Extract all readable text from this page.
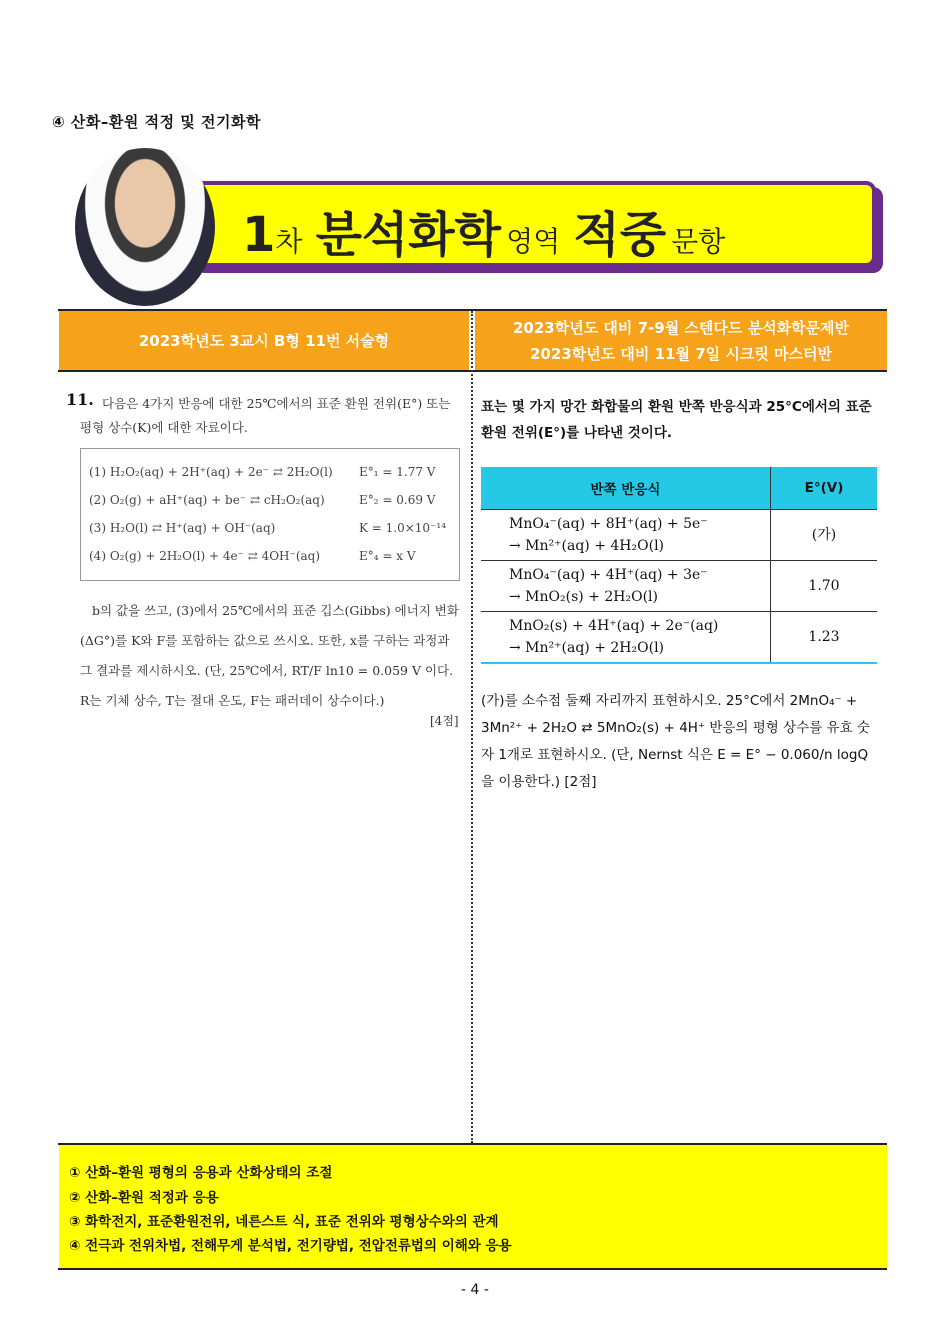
④ 산화–환원 적정 및 전기화학
1차 분석화학 영역 적중 문항
2023학년도 3교시 B형 11번 서술형
2023학년도 대비 7-9월 스텐다드 분석화학문제반
2023학년도 대비 11월 7일 시크릿 마스터반
11. 다음은 4가지 반응에 대한 25℃에서의 표준 환원 전위(E°) 또는 평형 상수(K)에 대한 자료이다.
(1) H₂O₂(aq) + 2H⁺(aq) + 2e⁻ ⇄ 2H₂O(l) E°₁ = 1.77 V
(2) O₂(g) + aH⁺(aq) + be⁻ ⇄ cH₂O₂(aq)	E°₂ = 0.69 V
(3) H₂O(l) ⇄ H⁺(aq) + OH⁻(aq)	K = 1.0×10⁻¹⁴
(4) O₂(g) + 2H₂O(l) + 4e⁻ ⇄ 4OH⁻(aq)	E°₄ = x V
b의 값을 쓰고, (3)에서 25℃에서의 표준 깁스(Gibbs) 에너지 변화(ΔG°)를 K와 F를 포함하는 값으로 쓰시오. 또한, x를 구하는 과정과 그 결과를 제시하시오. (단, 25℃에서, RT/F ln10 = 0.059 V 이다. R는 기체 상수, T는 절대 온도, F는 패러데이 상수이다.)
[4점]
표는 몇 가지 망간 화합물의 환원 반쪽 반응식과 25°C에서의 표준 환원 전위(E°)를 나타낸 것이다.
반쪽 반응식	E°(V)

MnO₄⁻(aq) + 8H⁺(aq) + 5e⁻
→ Mn²⁺(aq) + 4H₂O(l)	(가)

MnO₄⁻(aq) + 4H⁺(aq) + 3e⁻
→ MnO₂(s) + 2H₂O(l)	1.70

MnO₂(s) + 4H⁺(aq) + 2e⁻(aq)
→ Mn²⁺(aq) + 2H₂O(l)	1.23
(가)를 소수점 둘째 자리까지 표현하시오. 25°C에서 2MnO₄⁻ + 3Mn²⁺ + 2H₂O ⇄ 5MnO₂(s) + 4H⁺ 반응의 평형 상수를 유효 숫자 1개로 표현하시오. (단, Nernst 식은 E = E° − 0.060/n logQ을 이용한다.) [2점]
① 산화–환원 평형의 응용과 산화상태의 조절
② 산화–환원 적정과 응용
③ 화학전지, 표준환원전위, 네른스트 식, 표준 전위와 평형상수와의 관계
④ 전극과 전위차법, 전해무게 분석법, 전기량법, 전압전류법의 이해와 응용
- 4 -
